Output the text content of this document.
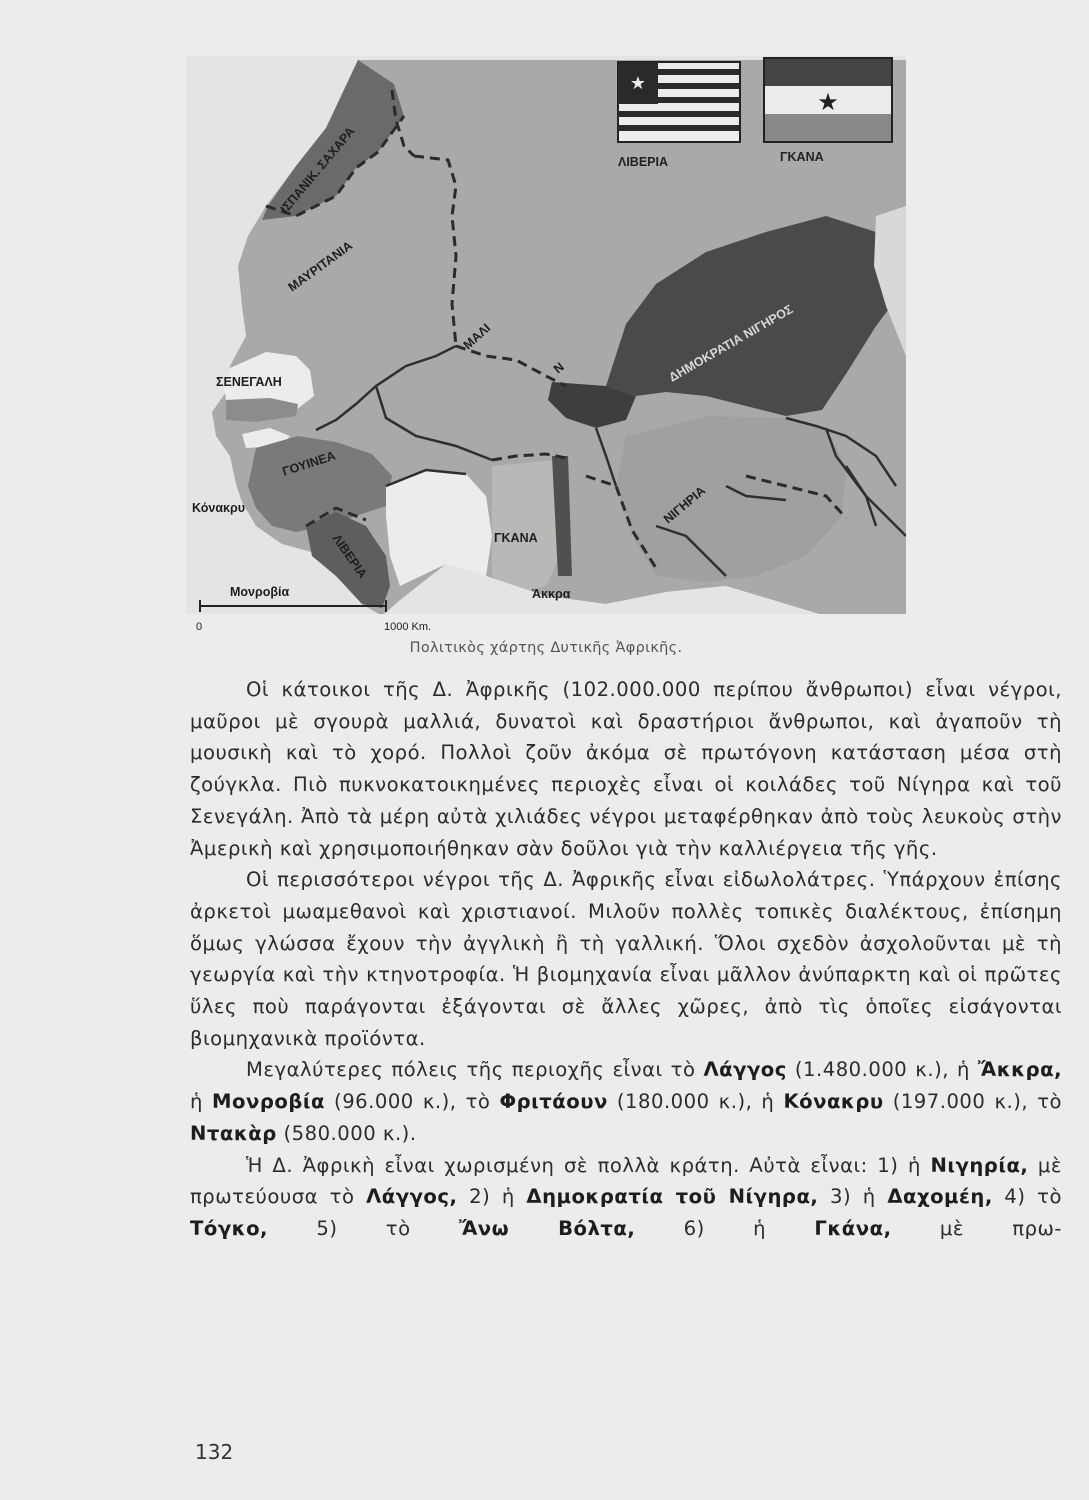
★
★
ΛΙΒΕΡΙΑ	ΓΚΑΝΑ
ΙΣΠΑΝΙΚ. ΣΑΧΑΡΑ
ΜΑΥΡΙΤΑΝΙΑ
ΜΑΛΙ
Ν	ΔΗΜΟΚΡΑΤΙΑ ΝΙΓΗΡΟΣ
ΣΕΝΕΓΑΛΗ
ΓΟΥΙΝΕΑ
ΛΙΒΕΡΙΑ	ΓΚΑΝΑ
ΝΙΓΗΡΙΑ
Κόνακρυ
Μονροβία	Άκκρα
0	1000 Km.
Πολιτικὸς χάρτης Δυτικῆς Ἀφρικῆς.

Οἱ κάτοικοι τῆς Δ. Ἀφρικῆς (102.000.000 περίπου ἄνθρωποι) εἶναι νέγροι, μαῦροι μὲ σγουρὰ μαλλιά, δυνατοὶ καὶ δραστήριοι ἄνθρωποι, καὶ ἀγαποῦν τὴ μουσικὴ καὶ τὸ χορό. Πολλοὶ ζοῦν ἀκόμα σὲ πρωτόγονη κατάσταση μέσα στὴ ζούγκλα. Πιὸ πυκνοκατοικημένες περιοχὲς εἶναι οἱ κοιλάδες τοῦ Νίγηρα καὶ τοῦ Σενεγάλη. Ἀπὸ τὰ μέρη αὐτὰ χιλιάδες νέγροι μεταφέρθηκαν ἀπὸ τοὺς λευκοὺς στὴν Ἀμερικὴ καὶ χρησιμοποιήθηκαν σὰν δοῦλοι γιὰ τὴν καλλιέργεια τῆς γῆς.

Οἱ περισσότεροι νέγροι τῆς Δ. Ἀφρικῆς εἶναι εἰδωλολάτρες. Ὑπάρχουν ἐπίσης ἀρκετοὶ μωαμεθανοὶ καὶ χριστιανοί. Μιλοῦν πολλὲς τοπικὲς διαλέκτους, ἐπίσημη ὅμως γλώσσα ἔχουν τὴν ἀγγλικὴ ἢ τὴ γαλλική. Ὅλοι σχεδὸν ἀσχολοῦνται μὲ τὴ γεωργία καὶ τὴν κτηνοτροφία. Ἡ βιομηχανία εἶναι μᾶλλον ἀνύπαρκτη καὶ οἱ πρῶτες ὕλες ποὺ παράγονται ἐξάγονται σὲ ἄλλες χῶρες, ἀπὸ τὶς ὁποῖες εἰσάγονται βιομηχανικὰ προϊόντα.

Μεγαλύτερες πόλεις τῆς περιοχῆς εἶναι τὸ Λάγγος (1.480.000 κ.), ἡ Ἄκκρα, ἡ Μονροβία (96.000 κ.), τὸ Φριτάουν (180.000 κ.), ἡ Κόνακρυ (197.000 κ.), τὸ Ντακὰρ (580.000 κ.).

Ἡ Δ. Ἀφρικὴ εἶναι χωρισμένη σὲ πολλὰ κράτη. Αὐτὰ εἶναι: 1) ἡ Νιγηρία, μὲ πρωτεύουσα τὸ Λάγγος, 2) ἡ Δημοκρατία τοῦ Νίγηρα, 3) ἡ Δαχομέη, 4) τὸ Τόγκο, 5) τὸ Ἄνω Βόλτα, 6) ἡ Γκάνα, μὲ πρω-

132
